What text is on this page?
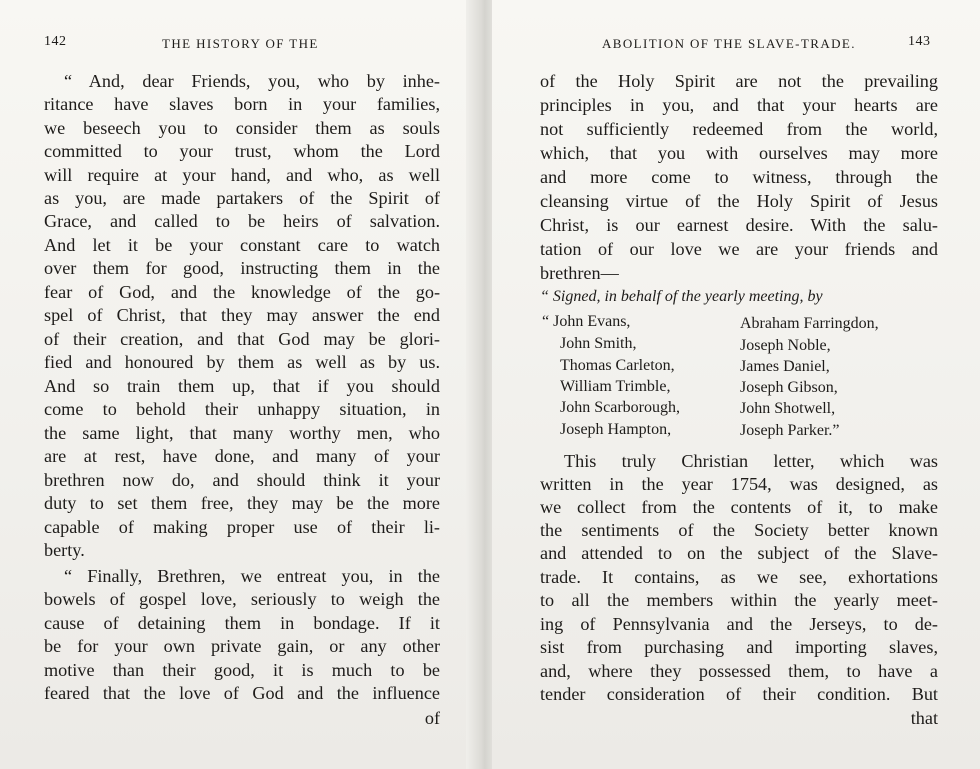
142	THE HISTORY OF THE
“ And, dear Friends, you, who by inhe-
ritance have slaves born in your families,
we beseech you to consider them as souls
committed to your trust, whom the Lord
will require at your hand, and who, as well
as you, are made partakers of the Spirit of
Grace, and called to be heirs of salvation.
And let it be your constant care to watch
over them for good, instructing them in the
fear of God, and the knowledge of the go-
spel of Christ, that they may answer the end
of their creation, and that God may be glori-
fied and honoured by them as well as by us.
And so train them up, that if you should
come to behold their unhappy situation, in
the same light, that many worthy men, who
are at rest, have done, and many of your
brethren now do, and should think it your
duty to set them free, they may be the more
capable of making proper use of their li-
berty.
“ Finally, Brethren, we entreat you, in the
bowels of gospel love, seriously to weigh the
cause of detaining them in bondage. If it
be for your own private gain, or any other
motive than their good, it is much to be
feared that the love of God and the influence
of
ABOLITION OF THE SLAVE-TRADE.	143
of the Holy Spirit are not the prevailing
principles in you, and that your hearts are
not sufficiently redeemed from the world,
which, that you with ourselves may more
and more come to witness, through the
cleansing virtue of the Holy Spirit of Jesus
Christ, is our earnest desire. With the salu-
tation of our love we are your friends and
brethren—
This truly Christian letter, which was
written in the year 1754, was designed, as
we collect from the contents of it, to make
the sentiments of the Society better known
and attended to on the subject of the Slave-
trade. It contains, as we see, exhortations
to all the members within the yearly meet-
ing of Pennsylvania and the Jerseys, to de-
sist from purchasing and importing slaves,
and, where they possessed them, to have a
tender consideration of their condition. But
that
“ Signed, in behalf of the yearly meeting, by
“ John Evans,
John Smith,
Thomas Carleton,
William Trimble,
John Scarborough,
Joseph Hampton,
Abraham Farringdon,
Joseph Noble,
James Daniel,
Joseph Gibson,
John Shotwell,
Joseph Parker.”
